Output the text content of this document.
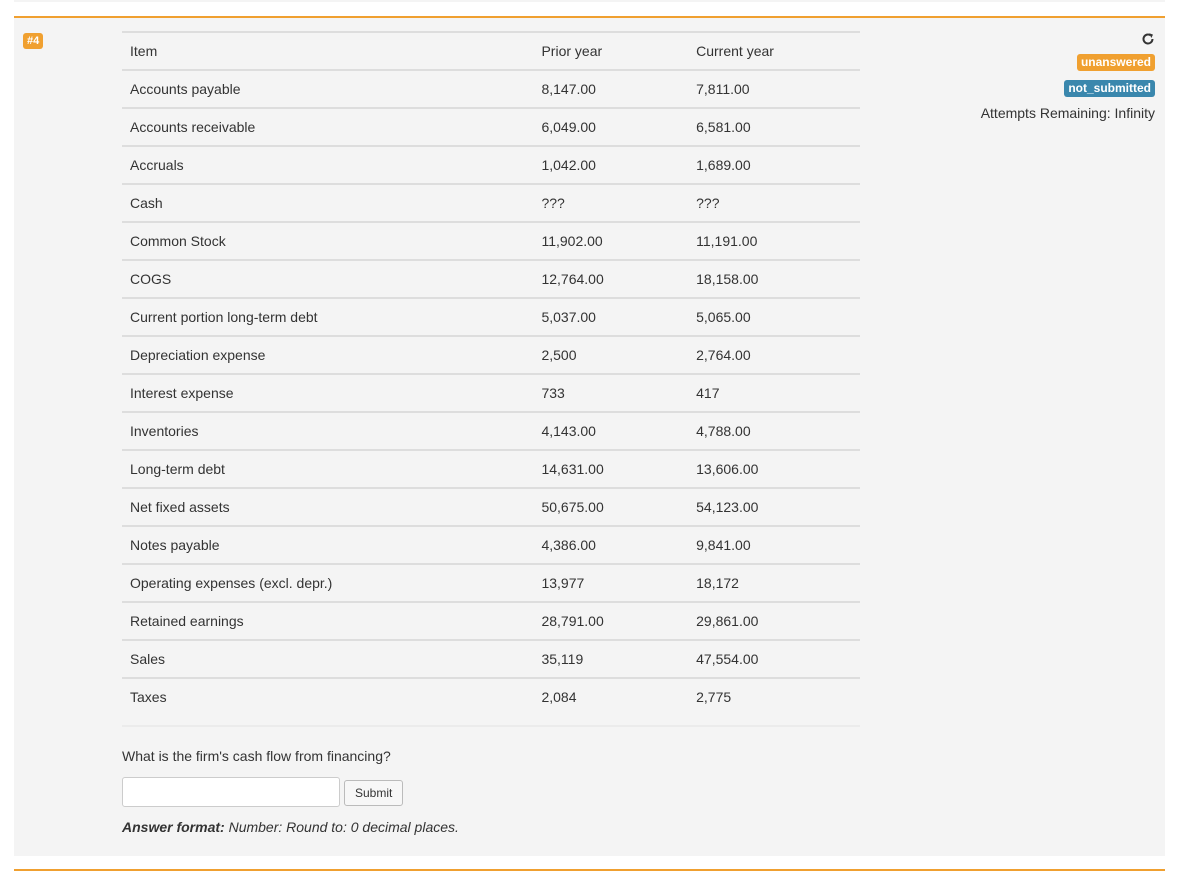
#4
Item	Prior year	Current year
Accounts payable	8,147.00	7,811.00
Accounts receivable	6,049.00	6,581.00
Accruals	1,042.00	1,689.00
Cash	???	???
Common Stock	11,902.00	11,191.00
COGS	12,764.00	18,158.00
Current portion long-term debt	5,037.00	5,065.00
Depreciation expense	2,500	2,764.00
Interest expense	733	417
Inventories	4,143.00	4,788.00
Long-term debt	14,631.00	13,606.00
Net fixed assets	50,675.00	54,123.00
Notes payable	4,386.00	9,841.00
Operating expenses (excl. depr.)	13,977	18,172
Retained earnings	28,791.00	29,861.00
Sales	35,119	47,554.00
Taxes	2,084	2,775
What is the firm's cash flow from financing?
Submit
Answer format: Number: Round to: 0 decimal places.
unanswered
not_submitted
Attempts Remaining: Infinity
